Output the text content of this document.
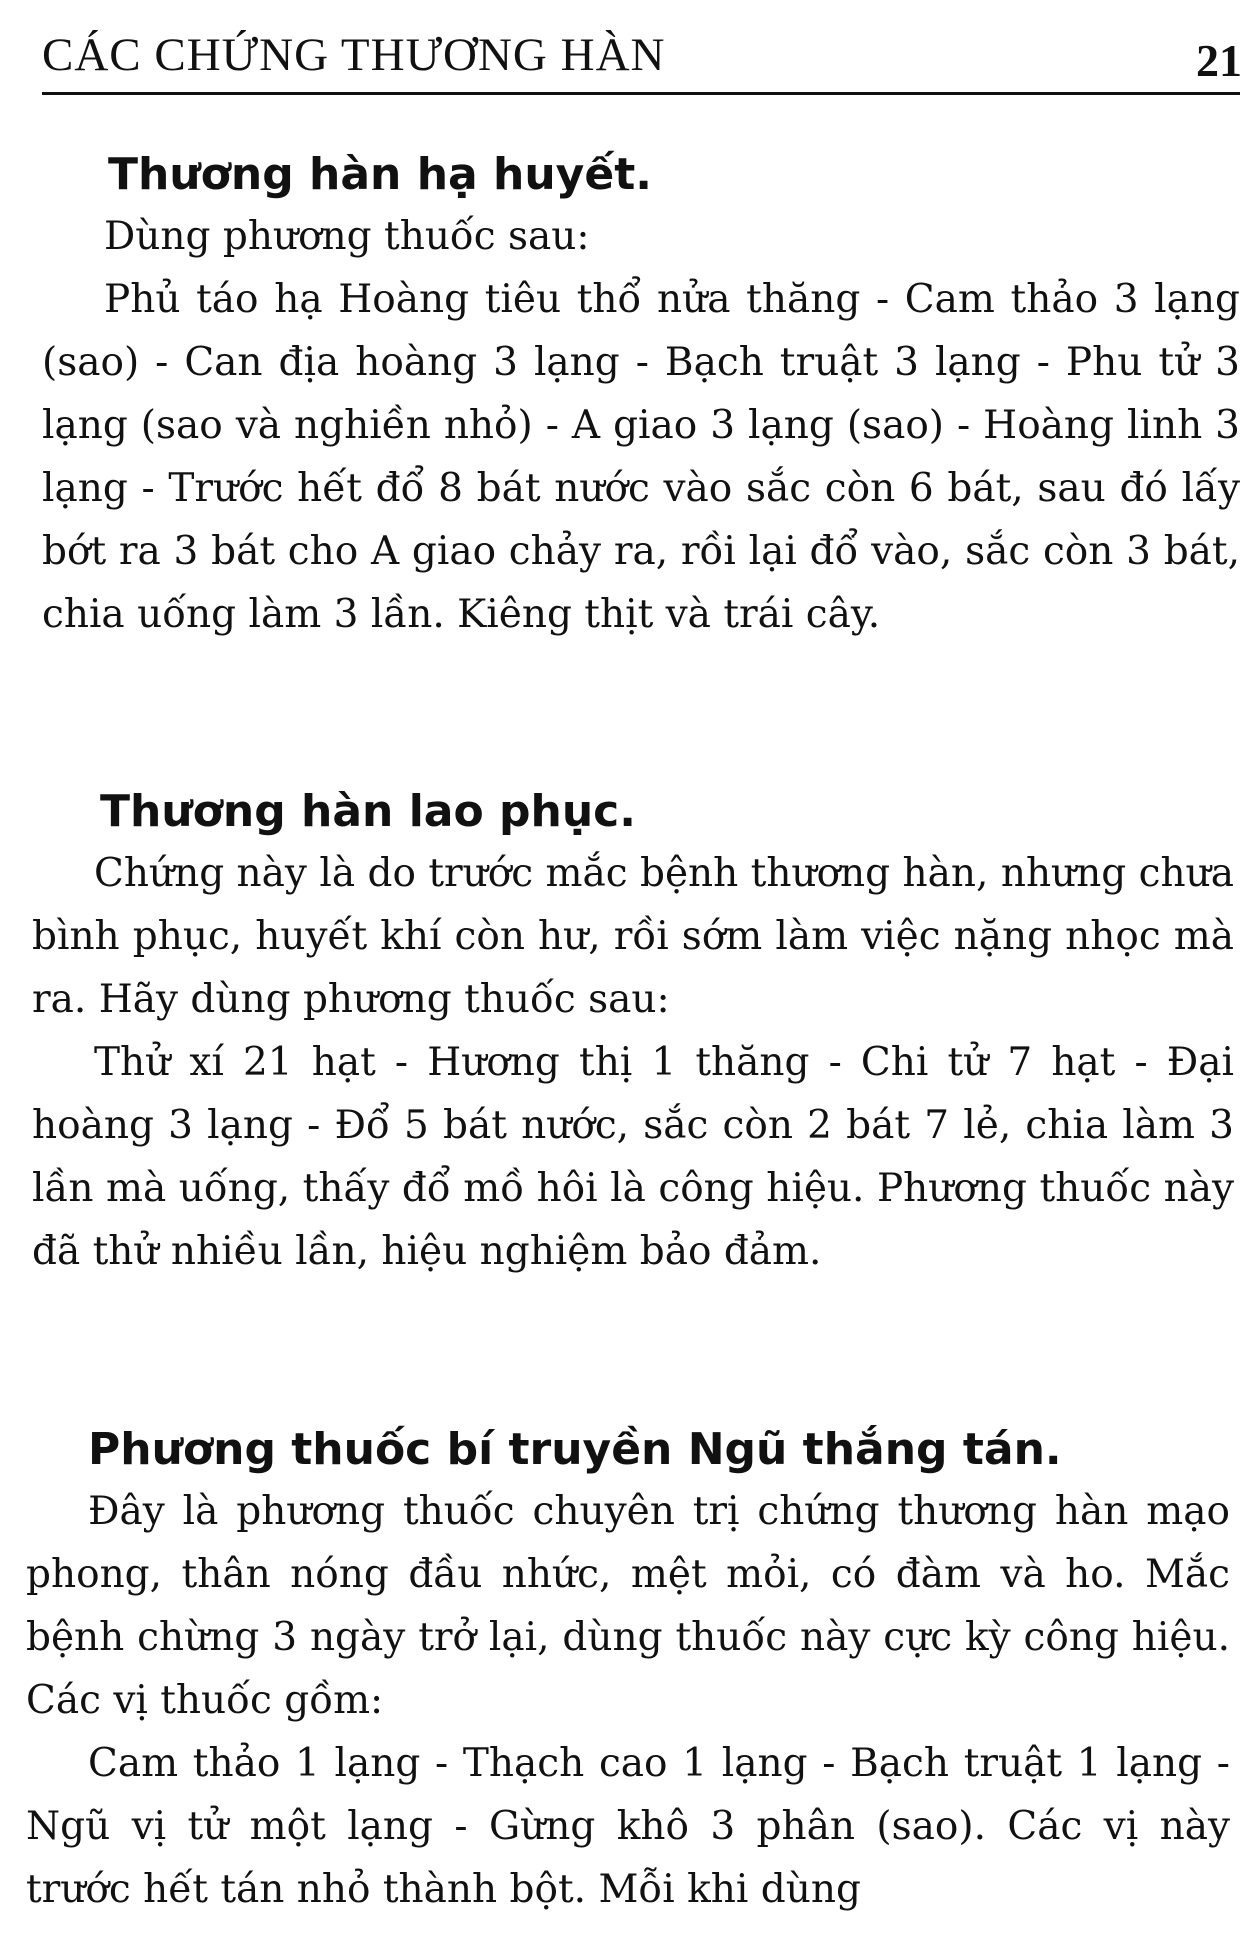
CÁC CHỨNG THƯƠNG HÀN	21
Thương hàn hạ huyết.

Dùng phương thuốc sau:

Phủ táo hạ Hoàng tiêu thổ nửa thăng - Cam thảo 3 lạng (sao) - Can địa hoàng 3 lạng - Bạch truật 3 lạng - Phu tử 3 lạng (sao và nghiền nhỏ) - A giao 3 lạng (sao) - Hoàng linh 3 lạng - Trước hết đổ 8 bát nước vào sắc còn 6 bát, sau đó lấy bớt ra 3 bát cho A giao chảy ra, rồi lại đổ vào, sắc còn 3 bát, chia uống làm 3 lần. Kiêng thịt và trái cây.

Thương hàn lao phục.

Chứng này là do trước mắc bệnh thương hàn, nhưng chưa bình phục, huyết khí còn hư, rồi sớm làm việc nặng nhọc mà ra. Hãy dùng phương thuốc sau:

Thử xí 21 hạt - Hương thị 1 thăng - Chi tử 7 hạt - Đại hoàng 3 lạng - Đổ 5 bát nước, sắc còn 2 bát 7 lẻ, chia làm 3 lần mà uống, thấy đổ mồ hôi là công hiệu. Phương thuốc này đã thử nhiều lần, hiệu nghiệm bảo đảm.

Phương thuốc bí truyền Ngũ thắng tán.

Đây là phương thuốc chuyên trị chứng thương hàn mạo phong, thân nóng đầu nhức, mệt mỏi, có đàm và ho. Mắc bệnh chừng 3 ngày trở lại, dùng thuốc này cực kỳ công hiệu. Các vị thuốc gồm:

Cam thảo 1 lạng - Thạch cao 1 lạng - Bạch truật 1 lạng - Ngũ vị tử một lạng - Gừng khô 3 phân (sao). Các vị này trước hết tán nhỏ thành bột. Mỗi khi dùng
